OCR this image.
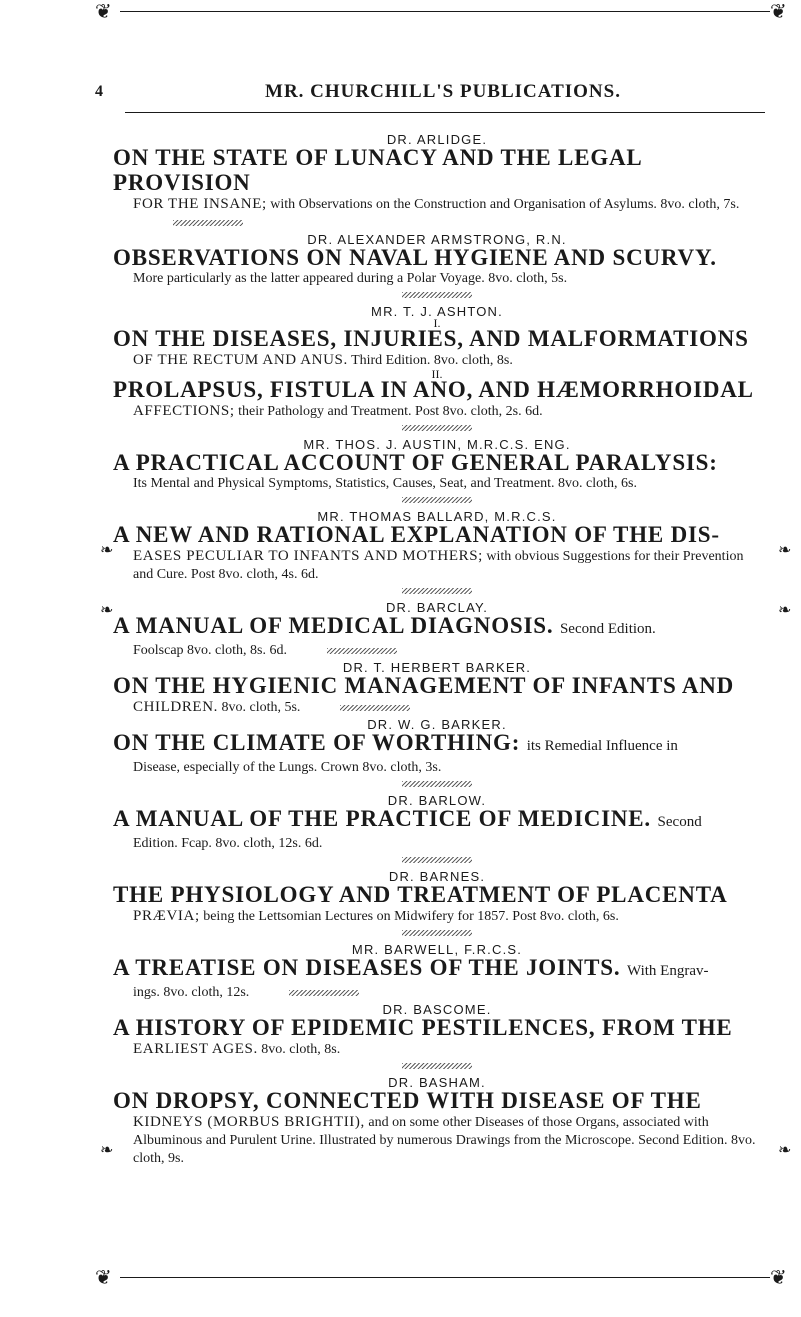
❦	❦
❦	❦
❧
❧
❧
❧
❧
❧
4	MR. CHURCHILL'S PUBLICATIONS.
DR. ARLIDGE.
ON THE STATE OF LUNACY AND THE LEGAL PROVISION
FOR THE INSANE; with Observations on the Construction and Organisation of Asylums. 8vo. cloth, 7s.
DR. ALEXANDER ARMSTRONG, R.N.
OBSERVATIONS ON NAVAL HYGIENE AND SCURVY.
More particularly as the latter appeared during a Polar Voyage. 8vo. cloth, 5s.
MR. T. J. ASHTON.
I.
ON THE DISEASES, INJURIES, AND MALFORMATIONS
OF THE RECTUM AND ANUS. Third Edition. 8vo. cloth, 8s.
II.
PROLAPSUS, FISTULA IN ANO, AND HÆMORRHOIDAL
AFFECTIONS; their Pathology and Treatment. Post 8vo. cloth, 2s. 6d.
MR. THOS. J. AUSTIN, M.R.C.S. ENG.
A PRACTICAL ACCOUNT OF GENERAL PARALYSIS:
Its Mental and Physical Symptoms, Statistics, Causes, Seat, and Treatment. 8vo. cloth, 6s.
MR. THOMAS BALLARD, M.R.C.S.
A NEW AND RATIONAL EXPLANATION OF THE DIS-
EASES PECULIAR TO INFANTS AND MOTHERS; with obvious Suggestions for their Prevention and Cure. Post 8vo. cloth, 4s. 6d.
DR. BARCLAY.
A MANUAL OF MEDICAL DIAGNOSIS. Second Edition.
Foolscap 8vo. cloth, 8s. 6d.
DR. T. HERBERT BARKER.
ON THE HYGIENIC MANAGEMENT OF INFANTS AND
CHILDREN. 8vo. cloth, 5s.
DR. W. G. BARKER.
ON THE CLIMATE OF WORTHING: its Remedial Influence in
Disease, especially of the Lungs. Crown 8vo. cloth, 3s.
DR. BARLOW.
A MANUAL OF THE PRACTICE OF MEDICINE. Second
Edition. Fcap. 8vo. cloth, 12s. 6d.
DR. BARNES.
THE PHYSIOLOGY AND TREATMENT OF PLACENTA
PRÆVIA; being the Lettsomian Lectures on Midwifery for 1857. Post 8vo. cloth, 6s.
MR. BARWELL, F.R.C.S.
A TREATISE ON DISEASES OF THE JOINTS. With Engrav-
ings. 8vo. cloth, 12s.
DR. BASCOME.
A HISTORY OF EPIDEMIC PESTILENCES, FROM THE
EARLIEST AGES. 8vo. cloth, 8s.
DR. BASHAM.
ON DROPSY, CONNECTED WITH DISEASE OF THE
KIDNEYS (MORBUS BRIGHTII), and on some other Diseases of those Organs, associated with Albuminous and Purulent Urine. Illustrated by numerous Drawings from the Microscope. Second Edition. 8vo. cloth, 9s.
